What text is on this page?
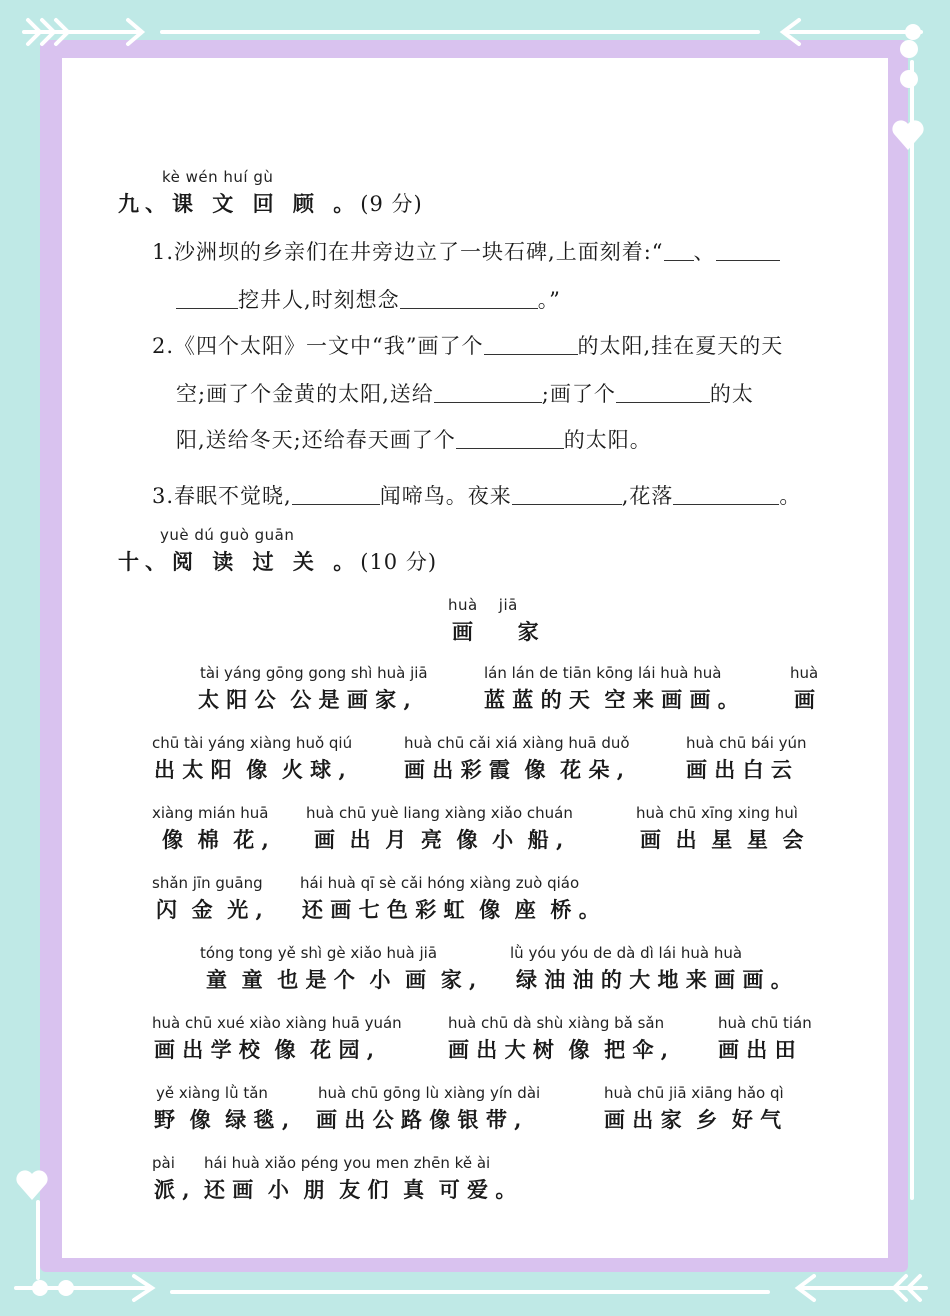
kè wén huí gù
九、课 文 回 顾 。(9 分)
1.沙洲坝的乡亲们在井旁边立了一块石碑,上面刻着:“ 、
挖井人,时刻想念	。”
2.《四个太阳》一文中“我”画了个	的太阳,挂在夏天的天
空;画了个金黄的太阳,送给	;画了个	的太
阳,送给冬天;还给春天画了个	的太阳。
3.春眠不觉晓,	闻啼鸟。夜来	,花落	。
yuè dú guò guān
十、阅 读 过 关 。(10 分)
huà    jiā
画  家
tài yáng gōng gong shì huà jiā	lán lán de tiān kōng lái huà huà	huà
太 阳 公  公 是 画 家 ,	蓝 蓝 的 天  空 来 画 画 。	画
chū tài yáng xiàng huǒ qiú	huà chū cǎi xiá xiàng huā duǒ	huà chū bái yún
出 太 阳  像  火 球 ,	画 出 彩 霞  像  花 朵 ,	画 出 白 云
xiàng mián huā	huà chū yuè liang xiàng xiǎo chuán	huà chū xīng xing huì
像  棉  花 , 画  出  月  亮  像  小  船 ,	画  出  星  星  会
shǎn jīn guāng hái huà qī sè cǎi hóng xiàng zuò qiáo
闪  金  光 , 还 画 七 色 彩 虹  像  座  桥 。
tóng tong yě shì gè xiǎo huà jiā	lǜ yóu yóu de dà dì lái huà huà
童  童  也 是 个  小  画  家 , 绿 油 油 的 大 地 来 画 画 。
huà chū xué xiào xiàng huā yuán	huà chū dà shù xiàng bǎ sǎn	huà chū tián
画 出 学 校  像  花 园 ,	画 出 大 树  像  把 伞 , 画 出 田
yě xiàng lǜ tǎn	huà chū gōng lù xiàng yín dài	huà chū jiā xiāng hǎo qì
野  像  绿 毯 , 画 出 公 路 像 银 带 ,	画 出 家  乡  好 气
pài hái huà xiǎo péng you men zhēn kě ài
派 , 还 画  小  朋  友 们  真  可 爱 。
